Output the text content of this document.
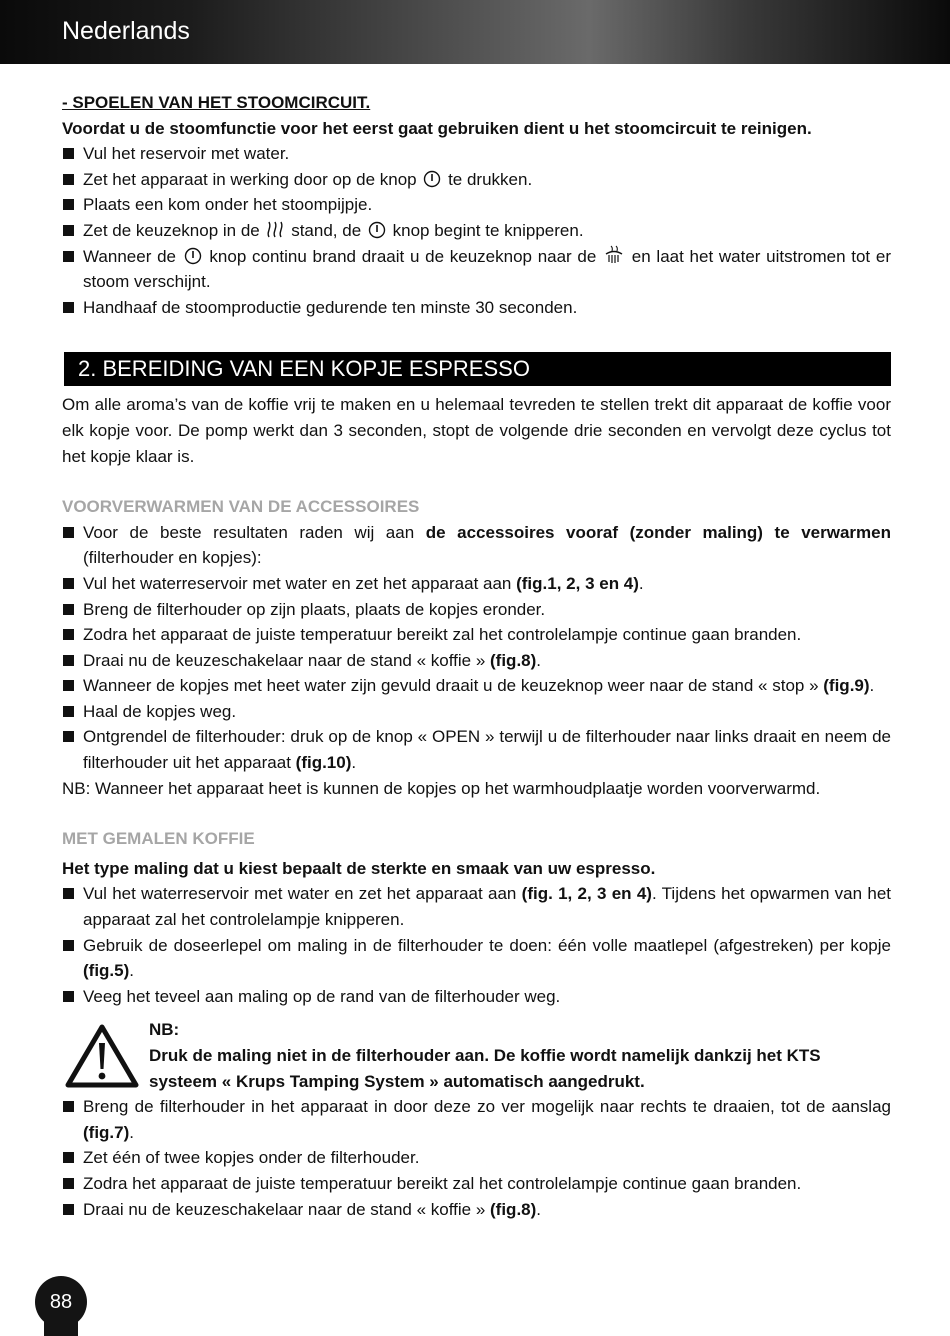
Nederlands
- SPOELEN VAN HET STOOMCIRCUIT.
Voordat u de stoomfunctie voor het eerst gaat gebruiken dient u het stoomcircuit te reinigen.
Vul het reservoir met water.
Zet het apparaat in werking door op de knop te drukken.
Plaats een kom onder het stoompijpje.
Zet de keuzeknop in de stand, de knop begint te knipperen.
Wanneer de knop continu brand draait u de keuzeknop naar de en laat het water uitstromen tot er stoom verschijnt.
Handhaaf de stoomproductie gedurende ten minste 30 seconden.
2. BEREIDING VAN EEN KOPJE ESPRESSO
Om alle aroma’s van de koffie vrij te maken en u helemaal tevreden te stellen trekt dit apparaat de koffie voor elk kopje voor. De pomp werkt dan 3 seconden, stopt de volgende drie seconden en vervolgt deze cyclus tot het kopje klaar is.
VOORVERWARMEN VAN DE ACCESSOIRES
Voor de beste resultaten raden wij aan de accessoires vooraf (zonder maling) te verwarmen (filterhouder en kopjes):
Vul het waterreservoir met water en zet het apparaat aan (fig.1, 2, 3 en 4).
Breng de filterhouder op zijn plaats, plaats de kopjes eronder.
Zodra het apparaat de juiste temperatuur bereikt zal het controlelampje continue gaan branden.
Draai nu de keuzeschakelaar naar de stand « koffie » (fig.8).
Wanneer de kopjes met heet water zijn gevuld draait u de keuzeknop weer naar de stand « stop » (fig.9).
Haal de kopjes weg.
Ontgrendel de filterhouder: druk op de knop « OPEN » terwijl u de filterhouder naar links draait en neem de filterhouder uit het apparaat (fig.10).
NB: Wanneer het apparaat heet is kunnen de kopjes op het warmhoudplaatje worden voorverwarmd.
MET GEMALEN KOFFIE
Het type maling dat u kiest bepaalt de sterkte en smaak van uw espresso.
Vul het waterreservoir met water en zet het apparaat aan (fig. 1, 2, 3 en 4). Tijdens het opwarmen van het apparaat zal het controlelampje knipperen.
Gebruik de doseerlepel om maling in de filterhouder te doen: één volle maatlepel (afgestreken) per kopje (fig.5).
Veeg het teveel aan maling op de rand van de filterhouder weg.
NB:
Druk de maling niet in de filterhouder aan. De koffie wordt namelijk dankzij het KTS systeem « Krups Tamping System » automatisch aangedrukt.
Breng de filterhouder in het apparaat in door deze zo ver mogelijk naar rechts te draaien, tot de aanslag (fig.7).
Zet één of twee kopjes onder de filterhouder.
Zodra het apparaat de juiste temperatuur bereikt zal het controlelampje continue gaan branden.
Draai nu de keuzeschakelaar naar de stand « koffie » (fig.8).
88
